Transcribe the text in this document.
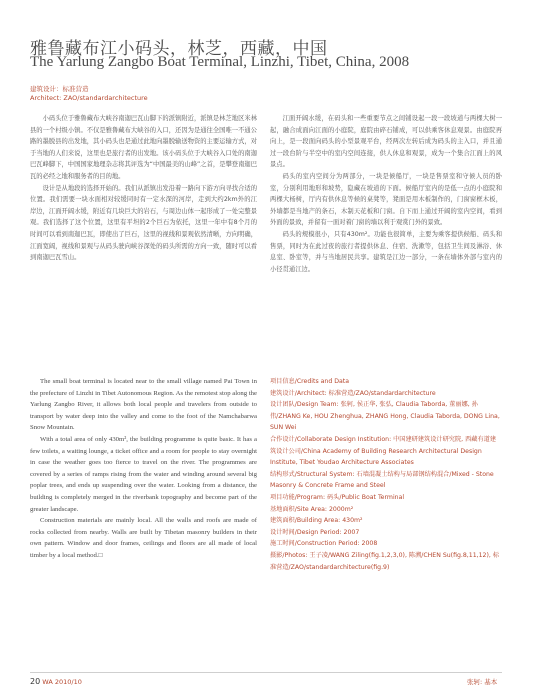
雅鲁藏布江小码头，林芝，西藏，中国
The Yarlung Zangbo Boat Terminal, Linzhi, Tibet, China, 2008
建筑设计：标准营造
Architect: ZAO/standardarchitecture

小码头位于雅鲁藏布大峡谷南迦巴瓦山脚下的派镇附近，派镇是林芝地区米林县的一个村级小镇。不仅是雅鲁藏布大峡谷的入口，还因为是通往全国唯一不通公路的墨脱县的出发地，其小码头也是通过此地向墨脱输送物资的主要运输方式，对于当地的人们来说，这里也是旅行者的出发地。该小码头位于大峡谷入口处的南迦巴瓦峰脚下，中国国家地理杂志将其评选为“中国最美的山峰”之首，是攀登南迦巴瓦的必经之地和服务者的目的地。

设计是从地段的选择开始的。我们从派镇出发沿着一路向下游方向寻找合适的位置。我们需要一块水面相对较缓同时有一定水深的河岸，走到大约2km外的江岸边，江面开阔水缓，附近有几块巨大的岩石，与周边山体一起形成了一处完整景观。我们选择了这个位置，这里有平坦的2个巨石为依托，这里一年中有8个月的时间可以看到南迦巴瓦，即使出了巨石，这里的视线和景观依然清晰，方向明确，江面宽阔，视线和景观与从码头驶向峡谷深处的码头所需的方向一致，随时可以看到南迦巴瓦雪山。

江面开阔水缓，在码头和一些重要节点之间铺设起一段一段坡道与两棵大树一起，融合成面向江面的小庭院，庭院由碎石铺成，可以供乘客休息观景。由庭院再向上，是一段面向码头的小型景观平台，经两次左转后成为码头的主入口，并且通过一段台阶与半空中的室内空间连接，供人休息和观景，成为一个集合江面上的风景点。

码头的室内空间分为两部分，一块是候船厅，一块是售票室和守候人员的卧室，分别利用地形和坡势，隐藏在坡道的下面。候船厅室内的是低一点的小庭院和两棵大杨树，厅内有供休息等候的桌凳等，凳面是用木板制作的，门窗窗框木板，外墙都是当地产的条石，木制天花板和门窗。自下而上通过开阔的室内空间，看到外面的景致，并留有一面对着门窗的墙以利于观赏门外的景致。

码头的规模很小，只有430m²。功能也很简单，主要为乘客提供候船、码头和售票，同时为在此过夜的旅行者提供休息、住宿、洗漱等，包括卫生间及淋浴、休息室、卧室等，并与当地居民共享。建筑是江边一部分，一条在墙体外部与室内的小径贯通江边。

The small boat terminal is located near to the small village named Pai Town in the prefecture of Linzhi in Tibet Autonomous Region. As the remotest stop along the Yarlung Zangbo River, it allows both local people and travelers from outside to transport by water deep into the valley and come to the foot of the Namchabarwa Snow Mountain.

With a total area of only 430m², the building programme is quite basic. It has a few toilets, a waiting lounge, a ticket office and a room for people to stay overnight in case the weather goes too fierce to travel on the river. The programmes are covered by a series of ramps rising from the water and winding around several big poplar trees, and ends up suspending over the water. Looking from a distance, the building is completely merged in the riverbank topography and become part of the greater landscape.

Construction materials are mainly local. All the walls and roofs are made of rocks collected from nearby. Walls are built by Tibetan masonry builders in their own pattern. Window and door frames, ceilings and floors are all made of local timber by a local method.□

项目信息/Credits and Data
建筑设计/Architect: 标准营造/ZAO/standardarchitecture
设计团队/Design Team: 张轲, 侯正华, 张弘, Claudia Taborda, 董丽娜, 孙伟/ZHANG Ke, HOU Zhenghua, ZHANG Hong, Claudia Taborda, DONG Lina, SUN Wei
合作设计/Collaborate Design Institution: 中国建研建筑设计研究院, 西藏有道建筑设计公司/China Academy of Building Research Architectural Design Institute, Tibet Youdao Architecture Associates
结构形式/Structural System: 石墙混凝土结构与局部钢结构混合/Mixed - Stone Masonry & Concrete Frame and Steel
项目功能/Program: 码头/Public Boat Terminal
基地面积/Site Area: 2000m²
建筑面积/Building Area: 430m²
设计时间/Design Period: 2007
施工时间/Construction Period: 2008
摄影/Photos: 王子凌/WANG Ziling(fig.1,2,3,0), 陈溯/CHEN Su(fig.8,11,12), 标准营造/ZAO/standardarchitecture(fig.9)
20 WA 2010/10	张轲: 基本
